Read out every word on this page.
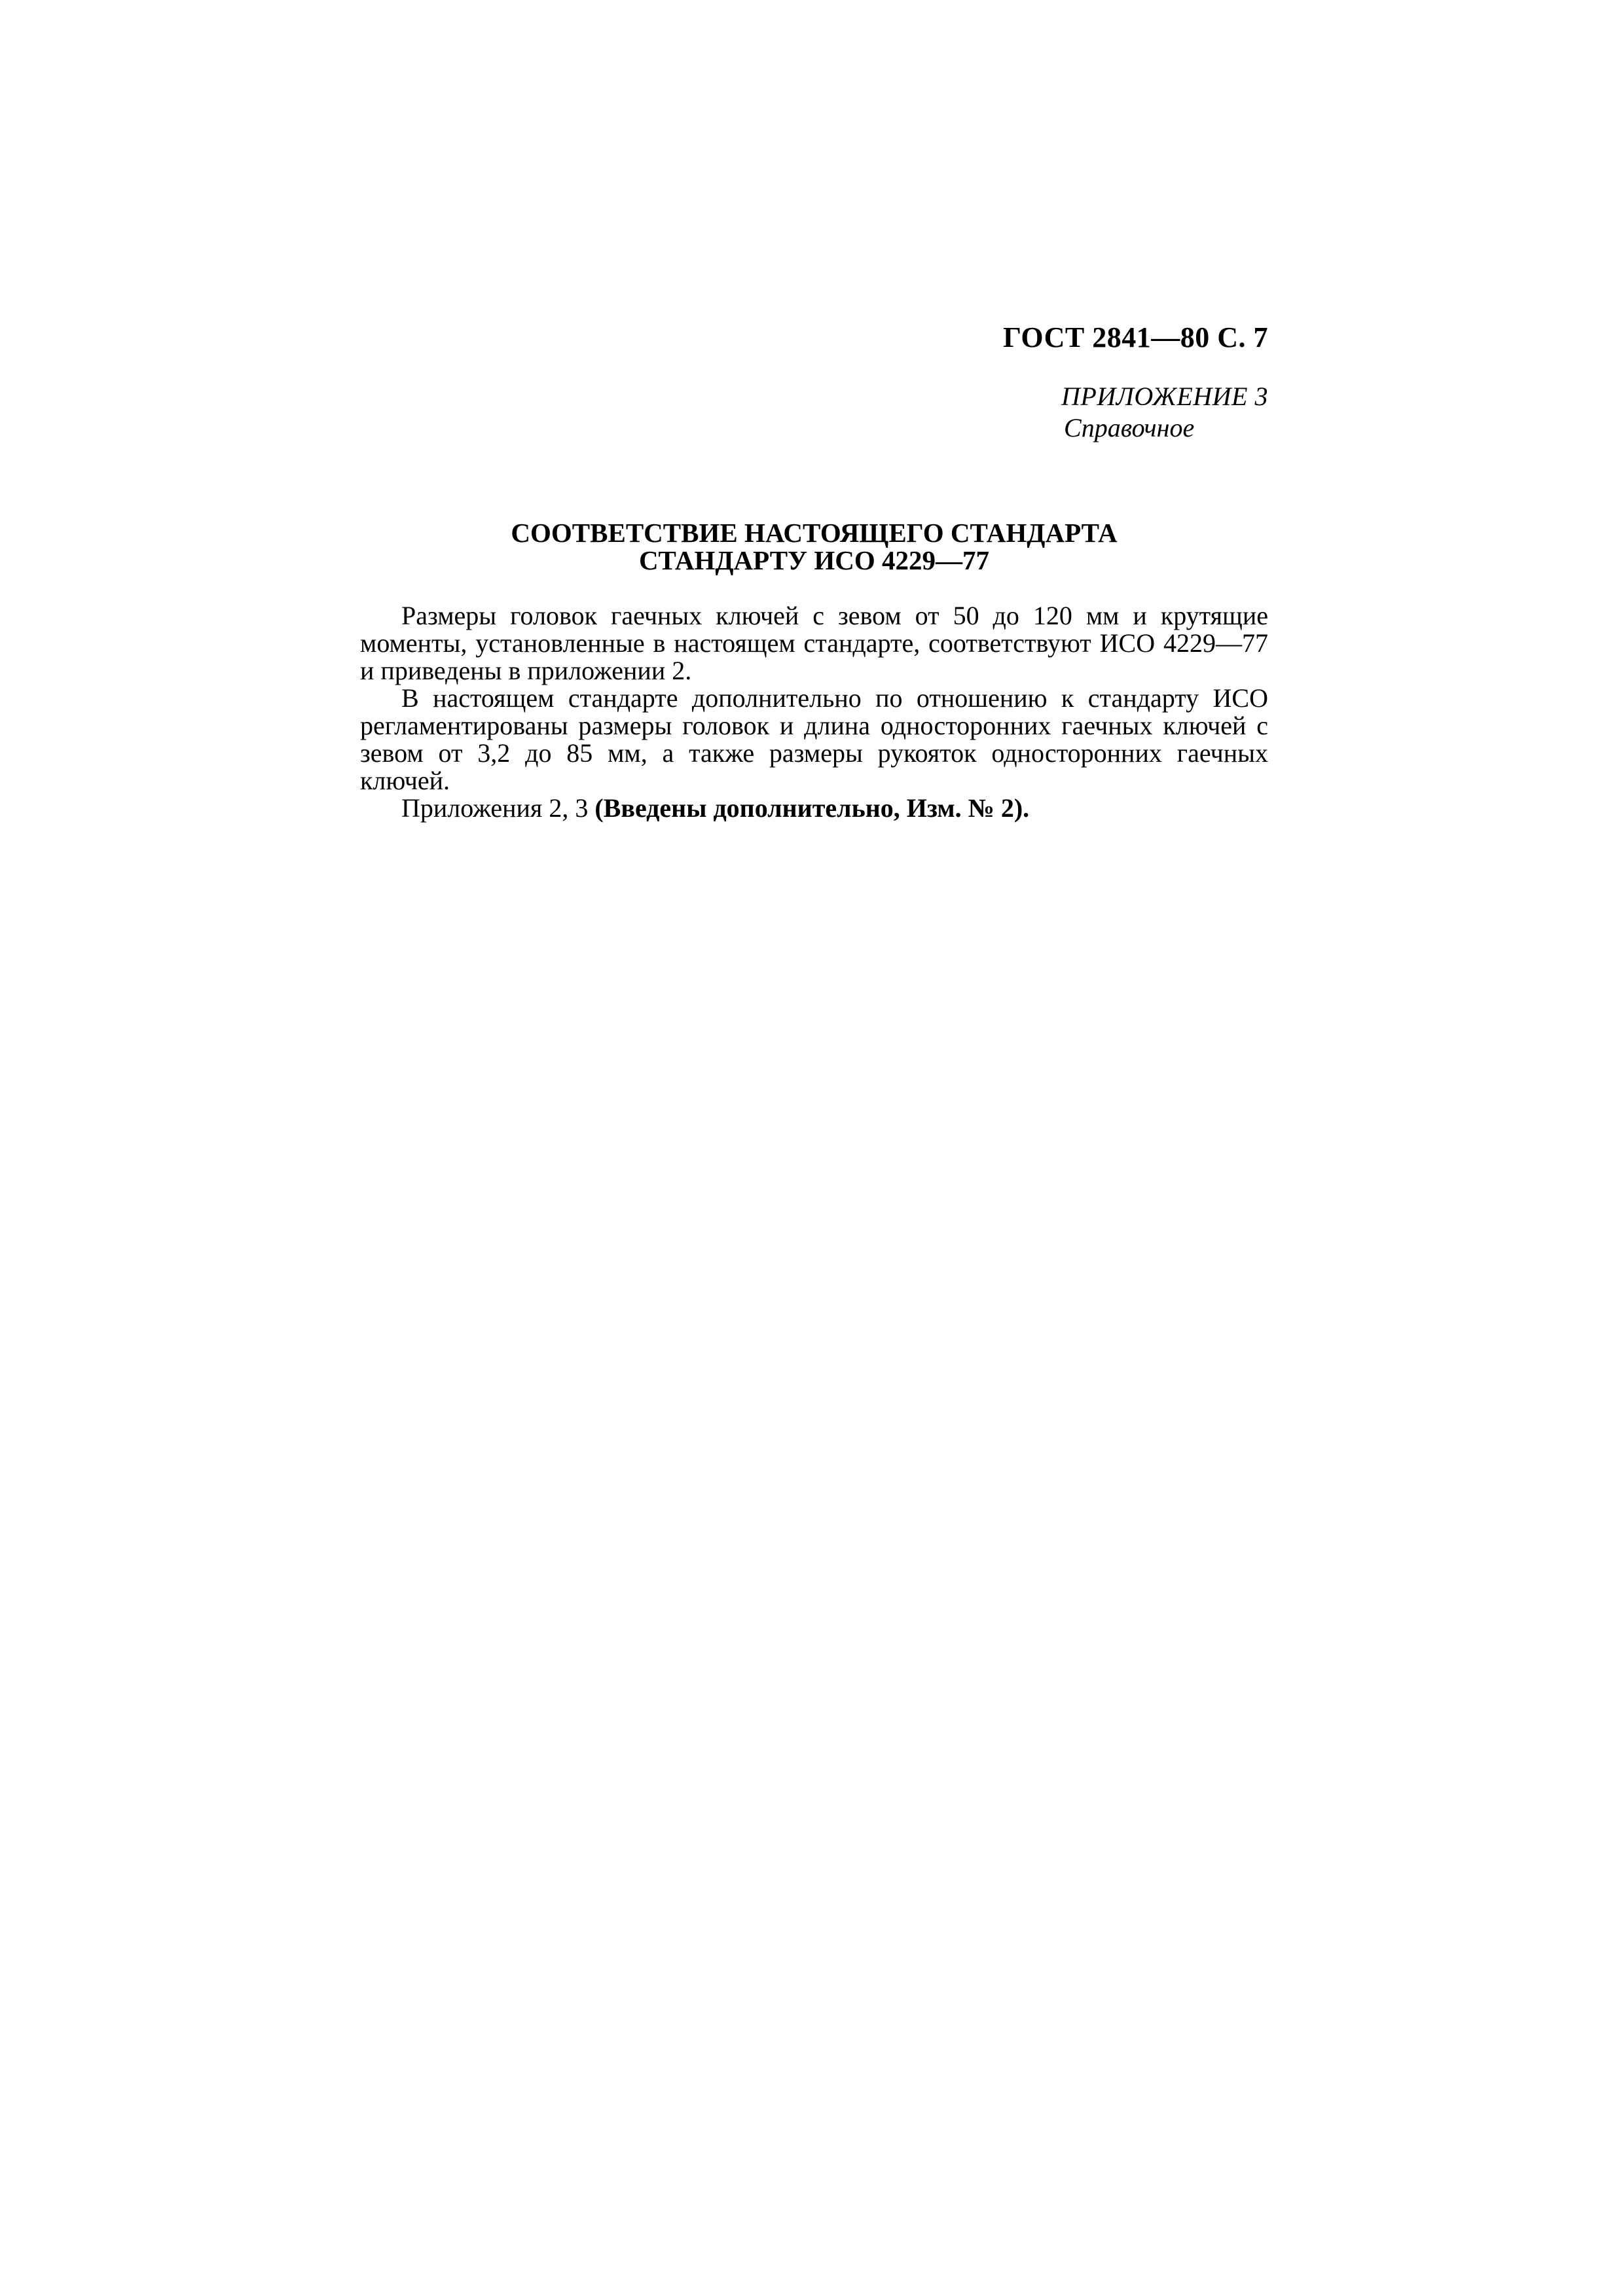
ГОСТ 2841—80 С. 7
ПРИЛОЖЕНИЕ 3
Справочное
СООТВЕТСТВИЕ НАСТОЯЩЕГО СТАНДАРТА
СТАНДАРТУ ИСО 4229—77

Размеры головок гаечных ключей с зевом от 50 до 120 мм и крутящие моменты, установленные в настоящем стандарте, соответствуют ИСО 4229—77 и приведены в приложении 2.

В настоящем стандарте дополнительно по отношению к стандарту ИСО регламентированы размеры головок и длина односторонних гаечных ключей с зевом от 3,2 до 85 мм, а также размеры рукояток односторонних гаечных ключей.

Приложения 2, 3 (Введены дополнительно, Изм. № 2).
